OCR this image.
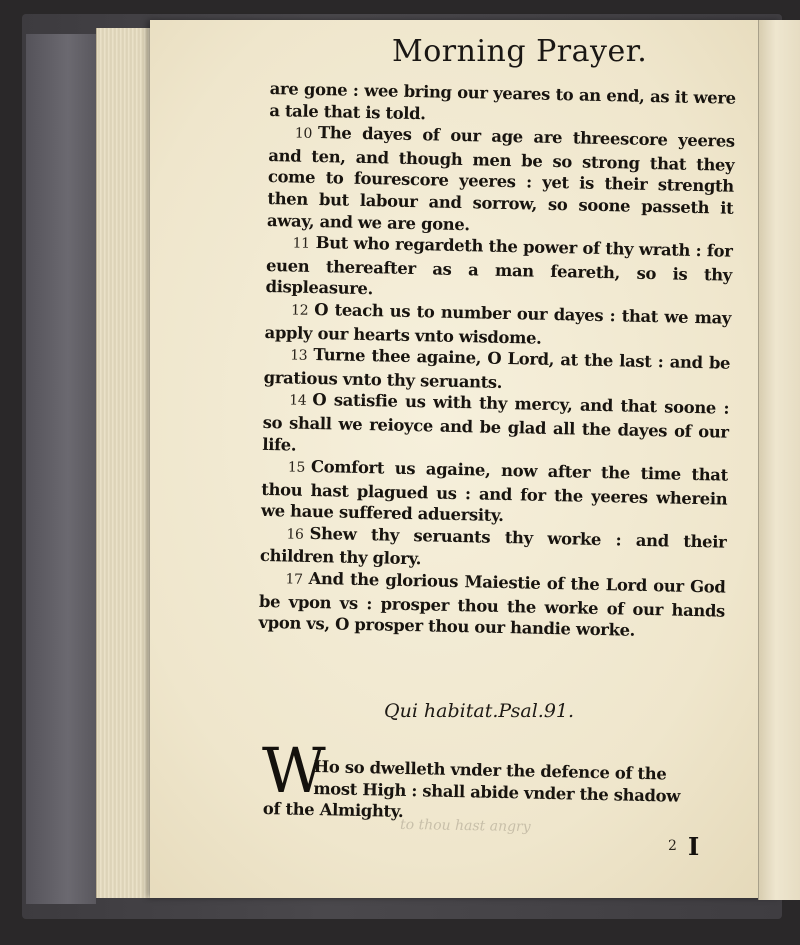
Morning Prayer.

are gone : wee bring our yeares to an end, as it were a tale that is told.

10 The dayes of our age are threescore yeeres and ten, and though men be so strong that they come to fourescore yeeres : yet is their strength then but labour and sorrow, so soone passeth it away, and we are gone.

11 But who regardeth the power of thy wrath : for euen thereafter as a man feareth, so is thy displeasure.

12 O teach us to number our dayes : that we may apply our hearts vnto wisdome.

13 Turne thee againe, O Lord, at the last : and be gratious vnto thy seruants.

14 O satisfie us with thy mercy, and that soone : so shall we reioyce and be glad all the dayes of our life.

15 Comfort us againe, now after the time that thou hast plagued us : and for the yeeres wherein we haue suffered aduersity.

16 Shew thy seruants thy worke : and their children thy glory.

17 And the glorious Maiestie of the Lord our God be vpon vs : prosper thou the worke of our hands vpon vs, O prosper thou our handie worke.

Qui habitat.Psal.91.
W
Ho so dwelleth vnder the defence of the
most High : shall abide vnder the shadow
of the Almighty.
to thou hast angry
2 I
